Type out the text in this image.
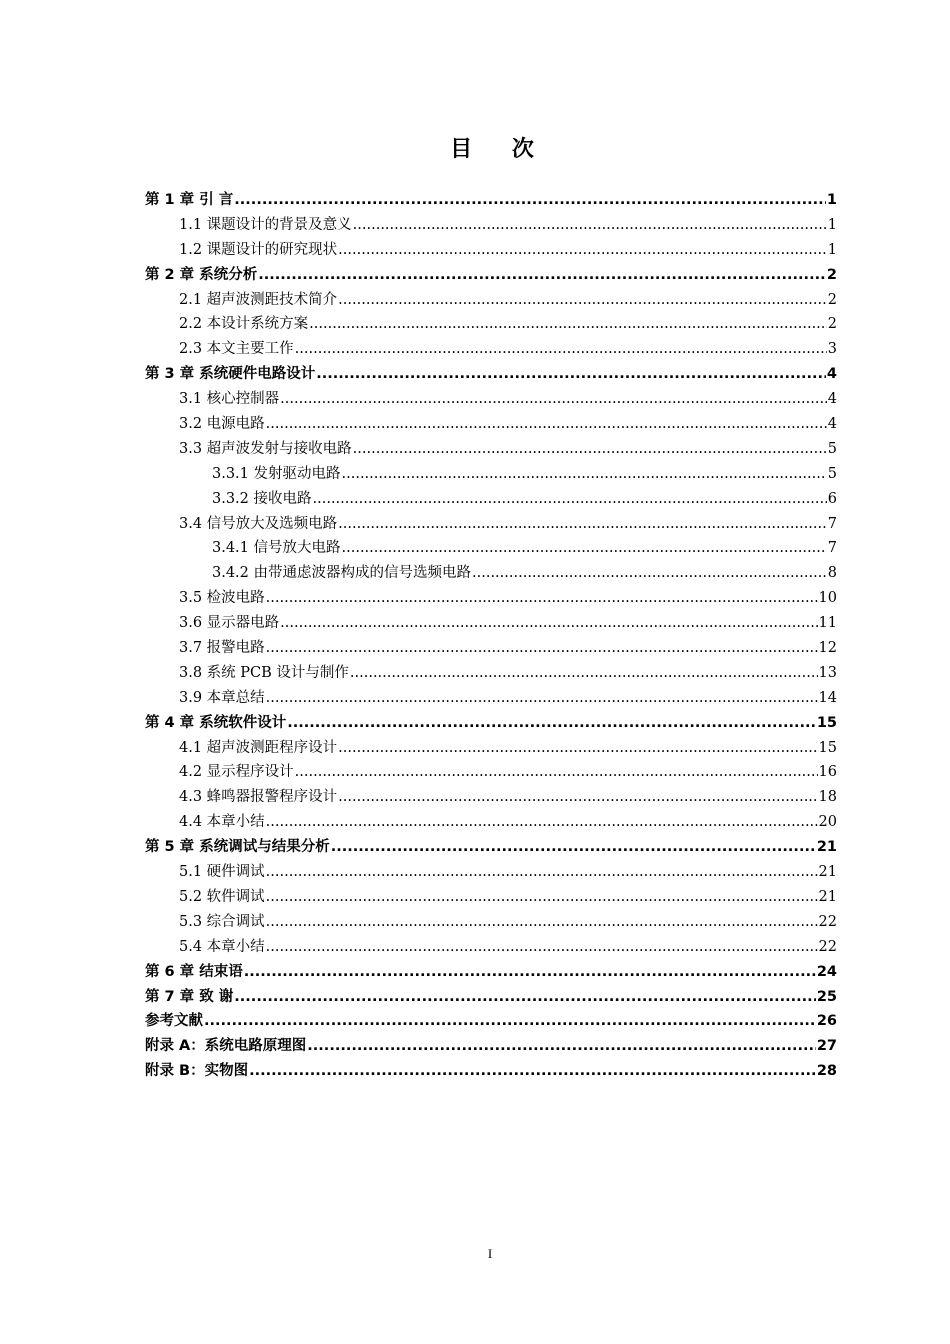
目 次
第 1 章 引 言 .....	1
1.1 课题设计的背景及意义 .....	1
1.2 课题设计的研究现状 .....	1
第 2 章 系统分析 .....	2
2.1 超声波测距技术简介 .....	2
2.2 本设计系统方案 .....	2
2.3 本文主要工作 .....	3
第 3 章 系统硬件电路设计 .....	4
3.1 核心控制器 .....	4
3.2 电源电路 .....	4
3.3 超声波发射与接收电路 .....	5
3.3.1 发射驱动电路 .....	5
3.3.2 接收电路 .....	6
3.4 信号放大及选频电路 .....	7
3.4.1 信号放大电路 .....	7
3.4.2 由带通虑波器构成的信号选频电路 .....	8
3.5 检波电路 .....	10
3.6 显示器电路 .....	11
3.7 报警电路 .....	12
3.8 系统 PCB 设计与制作 .....	13
3.9 本章总结 .....	14
第 4 章 系统软件设计 .....	15
4.1 超声波测距程序设计 .....	15
4.2 显示程序设计 .....	16
4.3 蜂鸣器报警程序设计 .....	18
4.4 本章小结 .....	20
第 5 章 系统调试与结果分析 .....	21
5.1 硬件调试 .....	21
5.2 软件调试 .....	21
5.3 综合调试 .....	22
5.4 本章小结 .....	22
第 6 章 结束语 .....	24
第 7 章 致 谢 .....	25
参考文献 .....	26
附录 A：系统电路原理图 .....	27
附录 B：实物图 .....	28
I
